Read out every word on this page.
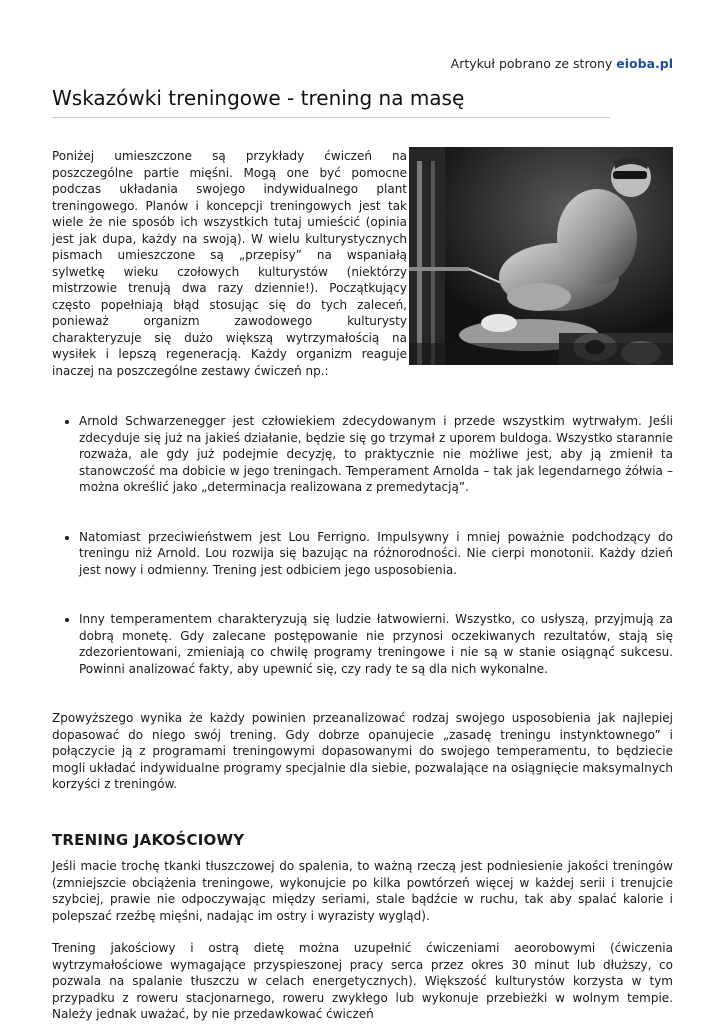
Artykuł pobrano ze strony eioba.pl
Wskazówki treningowe - trening na masę

Poniżej umieszczone są przykłady ćwiczeń na poszczególne partie mięśni. Mogą one być pomocne podczas układania swojego indywidualnego plant treningowego. Planów i koncepcji treningowych jest tak wiele że nie sposób ich wszystkich tutaj umieścić (opinia jest jak dupa, każdy na swoją). W wielu kulturystycznych pismach umieszczone są „przepisy” na wspaniałą sylwetkę wieku czołowych kulturystów (niektórzy mistrzowie trenują dwa razy dziennie!). Początkujący często popełniają błąd stosując się do tych zaleceń, ponieważ organizm zawodowego kulturysty charakteryzuje się dużo większą wytrzymałością na wysiłek i lepszą regeneracją. Każdy organizm reaguje inaczej na poszczególne zestawy ćwiczeń np.:

• Arnold Schwarzenegger jest człowiekiem zdecydowanym i przede wszystkim wytrwałym. Jeśli zdecyduje się już na jakieś działanie, będzie się go trzymał z uporem buldoga. Wszystko starannie rozważa, ale gdy już podejmie decyzję, to praktycznie nie możliwe jest, aby ją zmienił ta stanowczość ma dobicie w jego treningach. Temperament Arnolda – tak jak legendarnego żółwia – można określić jako „determinacja realizowana z premedytacją”.
• Natomiast przeciwieństwem jest Lou Ferrigno. Impulsywny i mniej poważnie podchodzący do treningu niż Arnold. Lou rozwija się bazując na różnorodności. Nie cierpi monotonii. Każdy dzień jest nowy i odmienny. Trening jest odbiciem jego usposobienia.
• Inny temperamentem charakteryzują się ludzie łatwowierni. Wszystko, co usłyszą, przyjmują za dobrą monetę. Gdy zalecane postępowanie nie przynosi oczekiwanych rezultatów, stają się zdezorientowani, zmieniają co chwilę programy treningowe i nie są w stanie osiągnąć sukcesu. Powinni analizować fakty, aby upewnić się, czy rady te są dla nich wykonalne.

Zpowyższego wynika że każdy powinien przeanalizować rodzaj swojego usposobienia jak najlepiej dopasować do niego swój trening. Gdy dobrze opanujecie „zasadę treningu instynktownego” i połączycie ją z programami treningowymi dopasowanymi do swojego temperamentu, to będziecie mogli układać indywidualne programy specjalnie dla siebie, pozwalające na osiągnięcie maksymalnych korzyści z treningów.

TRENING JAKOŚCIOWY

Jeśli macie trochę tkanki tłuszczowej do spalenia, to ważną rzeczą jest podniesienie jakości treningów (zmniejszcie obciążenia treningowe, wykonujcie po kilka powtórzeń więcej w każdej serii i trenujcie szybciej, prawie nie odpoczywając między seriami, stale bądźcie w ruchu, tak aby spalać kalorie i polepszać rzeźbę mięśni, nadając im ostry i wyrazisty wygląd).

Trening jakościowy i ostrą dietę można uzupełnić ćwiczeniami aeorobowymi (ćwiczenia wytrzymałościowe wymagające przyspieszonej pracy serca przez okres 30 minut lub dłuższy, co pozwala na spalanie tłuszczu w celach energetycznych). Większość kulturystów korzysta w tym przypadku z roweru stacjonarnego, roweru zwykłego lub wykonuje przebieżki w wolnym tempie. Należy jednak uważać, by nie przedawkować ćwiczeń
